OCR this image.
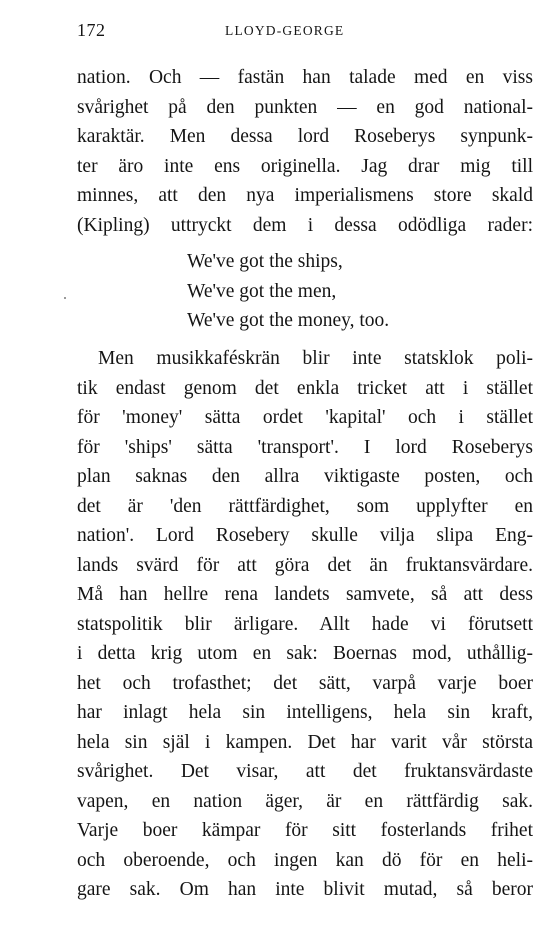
172	LLOYD-GEORGE
nation. Och — fastän han talade med en viss
svårighet på den punkten — en god national-
karaktär. Men dessa lord Roseberys synpunk-
ter äro inte ens originella. Jag drar mig till
minnes, att den nya imperialismens store skald
(Kipling) uttryckt dem i dessa odödliga rader:
We've got the ships,
We've got the men,
We've got the money, too.
Men musikkaféskrän blir inte statsklok poli-
tik endast genom det enkla tricket att i stället
för 'money' sätta ordet 'kapital' och i stället
för 'ships' sätta 'transport'. I lord Roseberys
plan saknas den allra viktigaste posten, och
det är 'den rättfärdighet, som upplyfter en
nation'. Lord Rosebery skulle vilja slipa Eng-
lands svärd för att göra det än fruktansvärdare.
Må han hellre rena landets samvete, så att dess
statspolitik blir ärligare. Allt hade vi förutsett
i detta krig utom en sak: Boernas mod, uthållig-
het och trofasthet; det sätt, varpå varje boer
har inlagt hela sin intelligens, hela sin kraft,
hela sin själ i kampen. Det har varit vår största
svårighet. Det visar, att det fruktansvärdaste
vapen, en nation äger, är en rättfärdig sak.
Varje boer kämpar för sitt fosterlands frihet
och oberoende, och ingen kan dö för en heli-
gare sak. Om han inte blivit mutad, så beror
